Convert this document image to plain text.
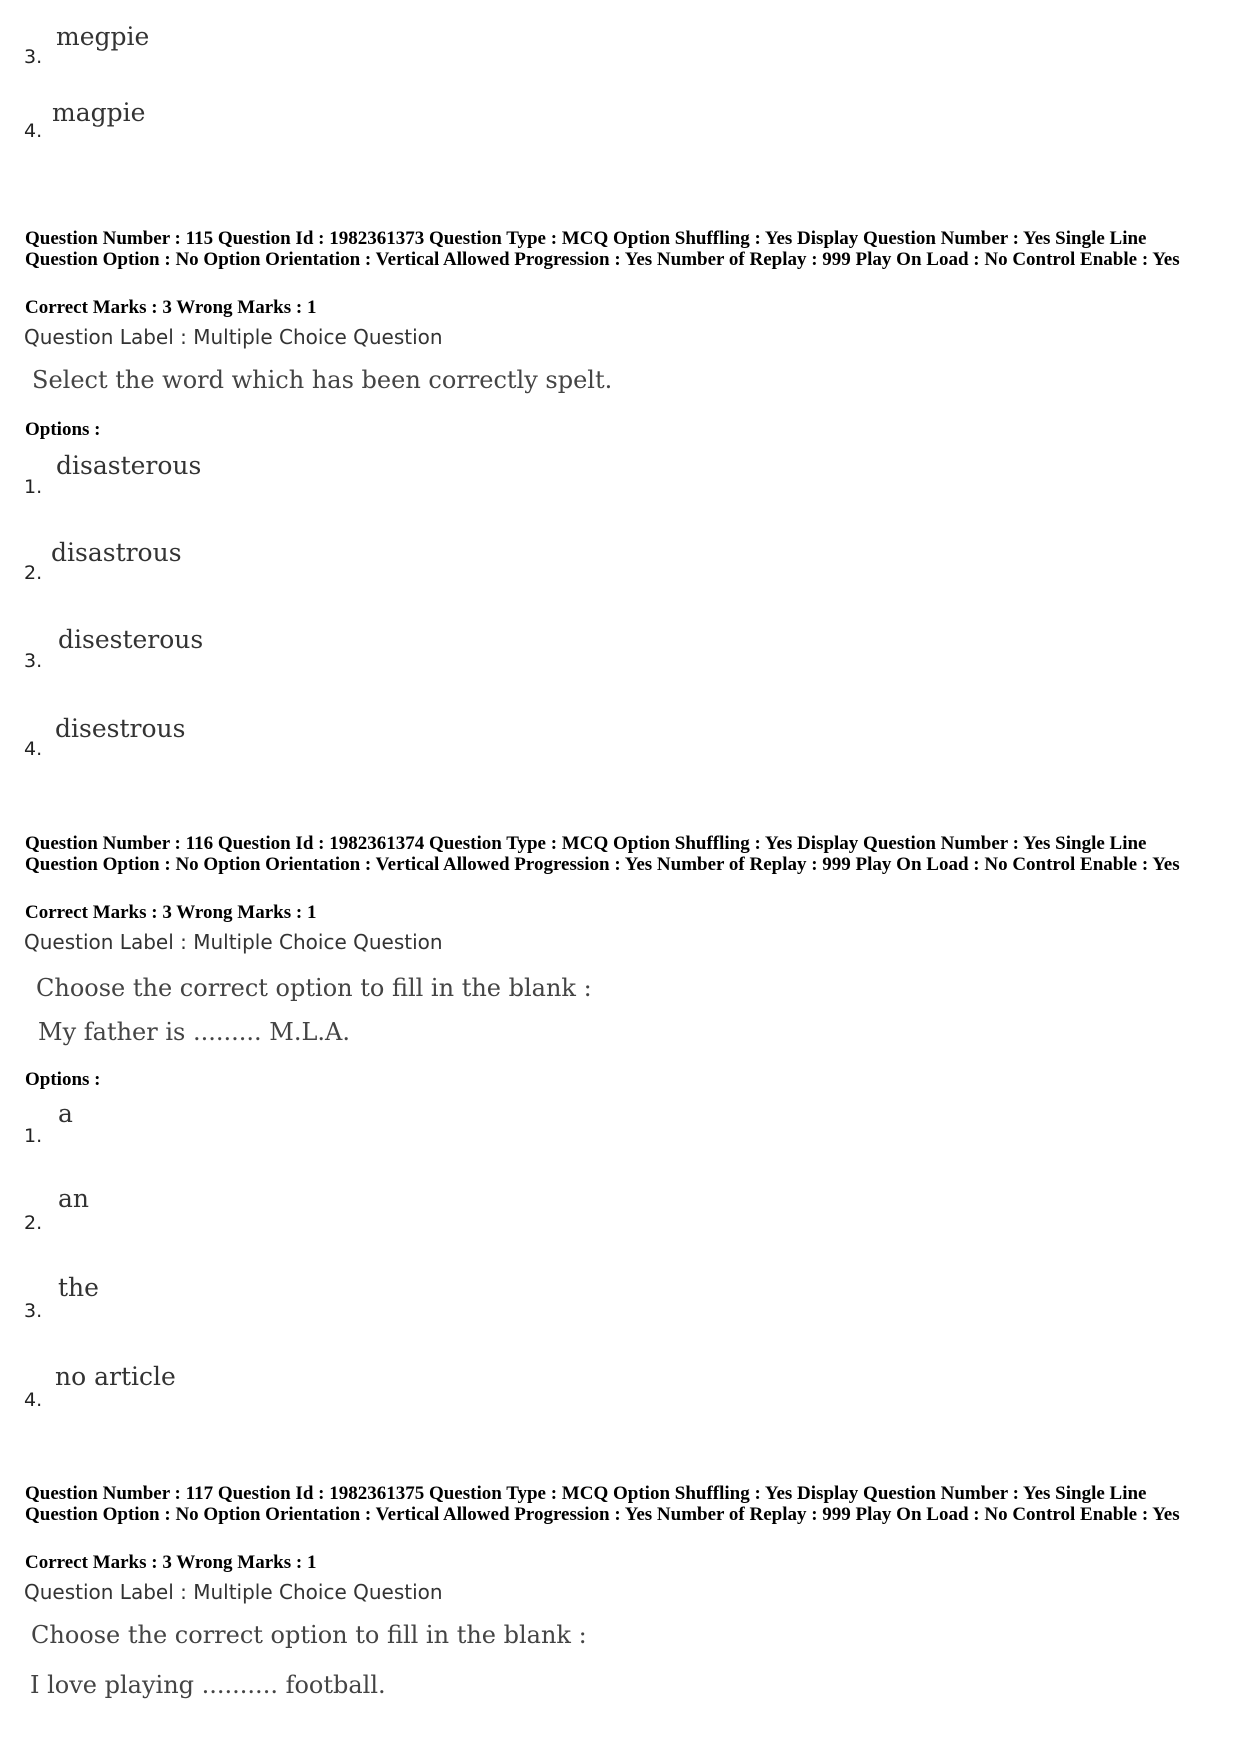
megpie
3.
magpie
4.
Question Number : 115 Question Id : 1982361373 Question Type : MCQ Option Shuffling : Yes Display Question Number : Yes Single Line Question Option : No Option Orientation : Vertical Allowed Progression : Yes Number of Replay : 999 Play On Load : No Control Enable : Yes
Correct Marks : 3 Wrong Marks : 1
Question Label : Multiple Choice Question
Select the word which has been correctly spelt.
Options :
disasterous
1.
disastrous
2.
disesterous
3.
disestrous
4.
Question Number : 116 Question Id : 1982361374 Question Type : MCQ Option Shuffling : Yes Display Question Number : Yes Single Line Question Option : No Option Orientation : Vertical Allowed Progression : Yes Number of Replay : 999 Play On Load : No Control Enable : Yes
Correct Marks : 3 Wrong Marks : 1
Question Label : Multiple Choice Question
Choose the correct option to fill in the blank :
My father is ......... M.L.A.
Options :
a
1.
an
2.
the
3.
no article
4.
Question Number : 117 Question Id : 1982361375 Question Type : MCQ Option Shuffling : Yes Display Question Number : Yes Single Line Question Option : No Option Orientation : Vertical Allowed Progression : Yes Number of Replay : 999 Play On Load : No Control Enable : Yes
Correct Marks : 3 Wrong Marks : 1
Question Label : Multiple Choice Question
Choose the correct option to fill in the blank :
I love playing .......... football.
